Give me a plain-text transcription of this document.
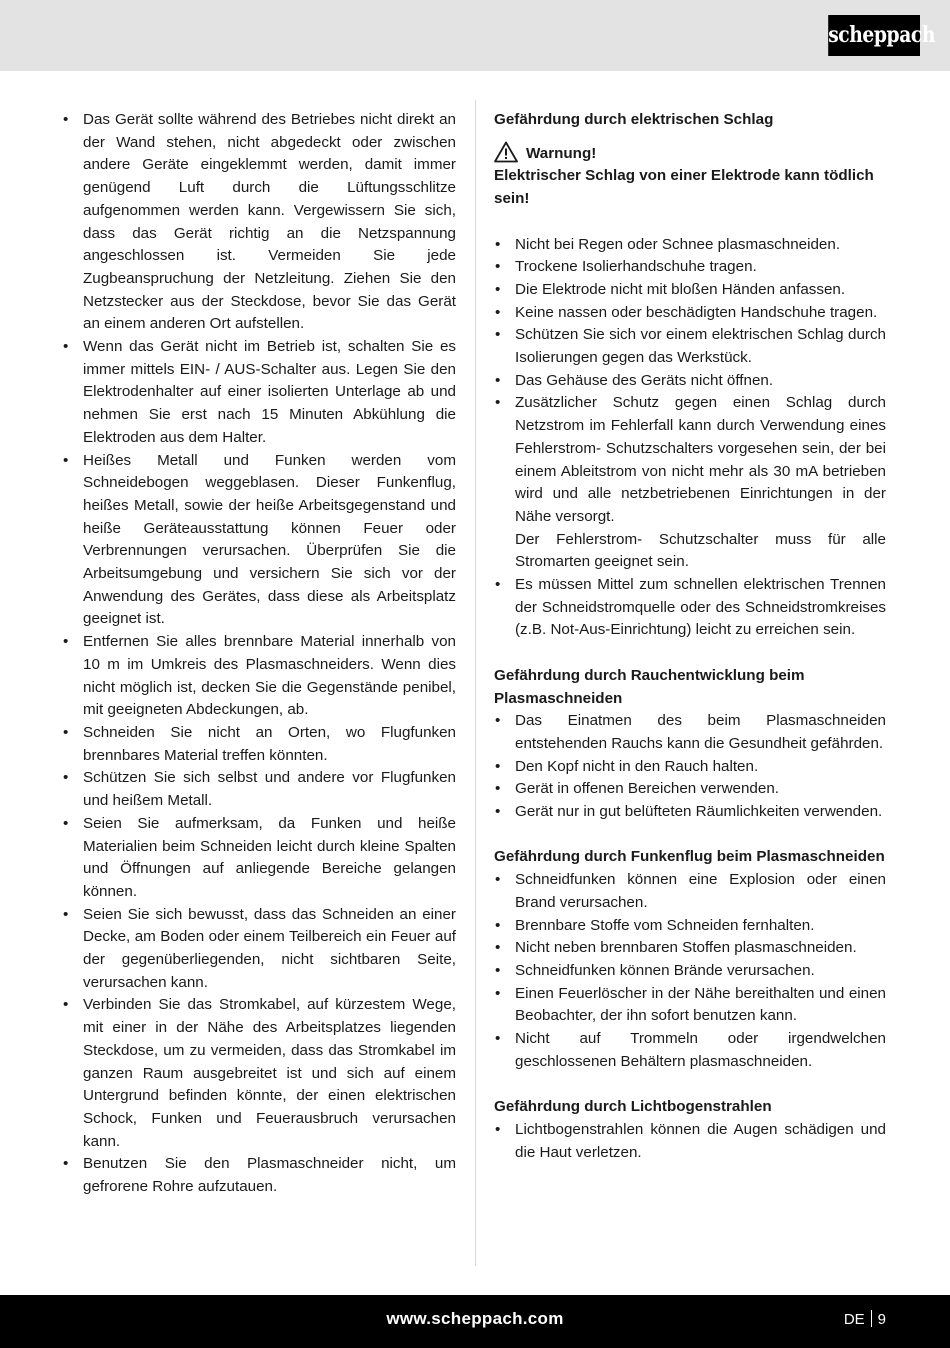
scheppach
• Das Gerät sollte während des Betriebes nicht direkt an der Wand stehen, nicht abgedeckt oder zwischen andere Geräte eingeklemmt werden, damit immer genügend Luft durch die Lüftungsschlitze aufgenommen werden kann. Vergewissern Sie sich, dass das Gerät richtig an die Netzspannung angeschlossen ist. Vermeiden Sie jede Zugbeanspruchung der Netzleitung. Ziehen Sie den Netzstecker aus der Steckdose, bevor Sie das Gerät an einem anderen Ort aufstellen.
• Wenn das Gerät nicht im Betrieb ist, schalten Sie es immer mittels EIN- / AUS-Schalter aus. Legen Sie den Elektrodenhalter auf einer isolierten Unterlage ab und nehmen Sie erst nach 15 Minuten Abkühlung die Elektroden aus dem Halter.
• Heißes Metall und Funken werden vom Schneidebogen weggeblasen. Dieser Funkenflug, heißes Metall, sowie der heiße Arbeitsgegenstand und heiße Geräteausstattung können Feuer oder Verbrennungen verursachen. Überprüfen Sie die Arbeitsumgebung und versichern Sie sich vor der Anwendung des Gerätes, dass diese als Arbeitsplatz geeignet ist.
• Entfernen Sie alles brennbare Material innerhalb von 10 m im Umkreis des Plasmaschneiders. Wenn dies nicht möglich ist, decken Sie die Gegenstände penibel, mit geeigneten Abdeckungen, ab.
• Schneiden Sie nicht an Orten, wo Flugfunken brennbares Material treffen könnten.
• Schützen Sie sich selbst und andere vor Flugfunken und heißem Metall.
• Seien Sie aufmerksam, da Funken und heiße Materialien beim Schneiden leicht durch kleine Spalten und Öffnungen auf anliegende Bereiche gelangen können.
• Seien Sie sich bewusst, dass das Schneiden an einer Decke, am Boden oder einem Teilbereich ein Feuer auf der gegenüberliegenden, nicht sichtbaren Seite, verursachen kann.
• Verbinden Sie das Stromkabel, auf kürzestem Wege, mit einer in der Nähe des Arbeitsplatzes liegenden Steckdose, um zu vermeiden, dass das Stromkabel im ganzen Raum ausgebreitet ist und sich auf einem Untergrund befinden könnte, der einen elektrischen Schock, Funken und Feuerausbruch verursachen kann.
• Benutzen Sie den Plasmaschneider nicht, um gefrorene Rohre aufzutauen.
Gefährdung durch elektrischen Schlag
Warnung!
Elektrischer Schlag von einer Elektrode kann tödlich sein!
• Nicht bei Regen oder Schnee plasmaschneiden.
• Trockene Isolierhandschuhe tragen.
• Die Elektrode nicht mit bloßen Händen anfassen.
• Keine nassen oder beschädigten Handschuhe tragen.
• Schützen Sie sich vor einem elektrischen Schlag durch Isolierungen gegen das Werkstück.
• Das Gehäuse des Geräts nicht öffnen.
• Zusätzlicher Schutz gegen einen Schlag durch Netzstrom im Fehlerfall kann durch Verwendung eines Fehlerstrom- Schutzschalters vorgesehen sein, der bei einem Ableitstrom von nicht mehr als 30 mA betrieben wird und alle netzbetriebenen Einrichtungen in der Nähe versorgt.
Der Fehlerstrom- Schutzschalter muss für alle Stromarten geeignet sein.
• Es müssen Mittel zum schnellen elektrischen Trennen der Schneidstromquelle oder des Schneidstromkreises (z.B. Not-Aus-Einrichtung) leicht zu erreichen sein.
Gefährdung durch Rauchentwicklung beim Plasmaschneiden
• Das Einatmen des beim Plasmaschneiden entstehenden Rauchs kann die Gesundheit gefährden.
• Den Kopf nicht in den Rauch halten.
• Gerät in offenen Bereichen verwenden.
• Gerät nur in gut belüfteten Räumlichkeiten verwenden.
Gefährdung durch Funkenflug beim Plasmaschneiden
• Schneidfunken können eine Explosion oder einen Brand verursachen.
• Brennbare Stoffe vom Schneiden fernhalten.
• Nicht neben brennbaren Stoffen plasmaschneiden.
• Schneidfunken können Brände verursachen.
• Einen Feuerlöscher in der Nähe bereithalten und einen Beobachter, der ihn sofort benutzen kann.
• Nicht auf Trommeln oder irgendwelchen geschlossenen Behältern plasmaschneiden.
Gefährdung durch Lichtbogenstrahlen
• Lichtbogenstrahlen können die Augen schädigen und die Haut verletzen.
www.scheppach.com	DE 9
